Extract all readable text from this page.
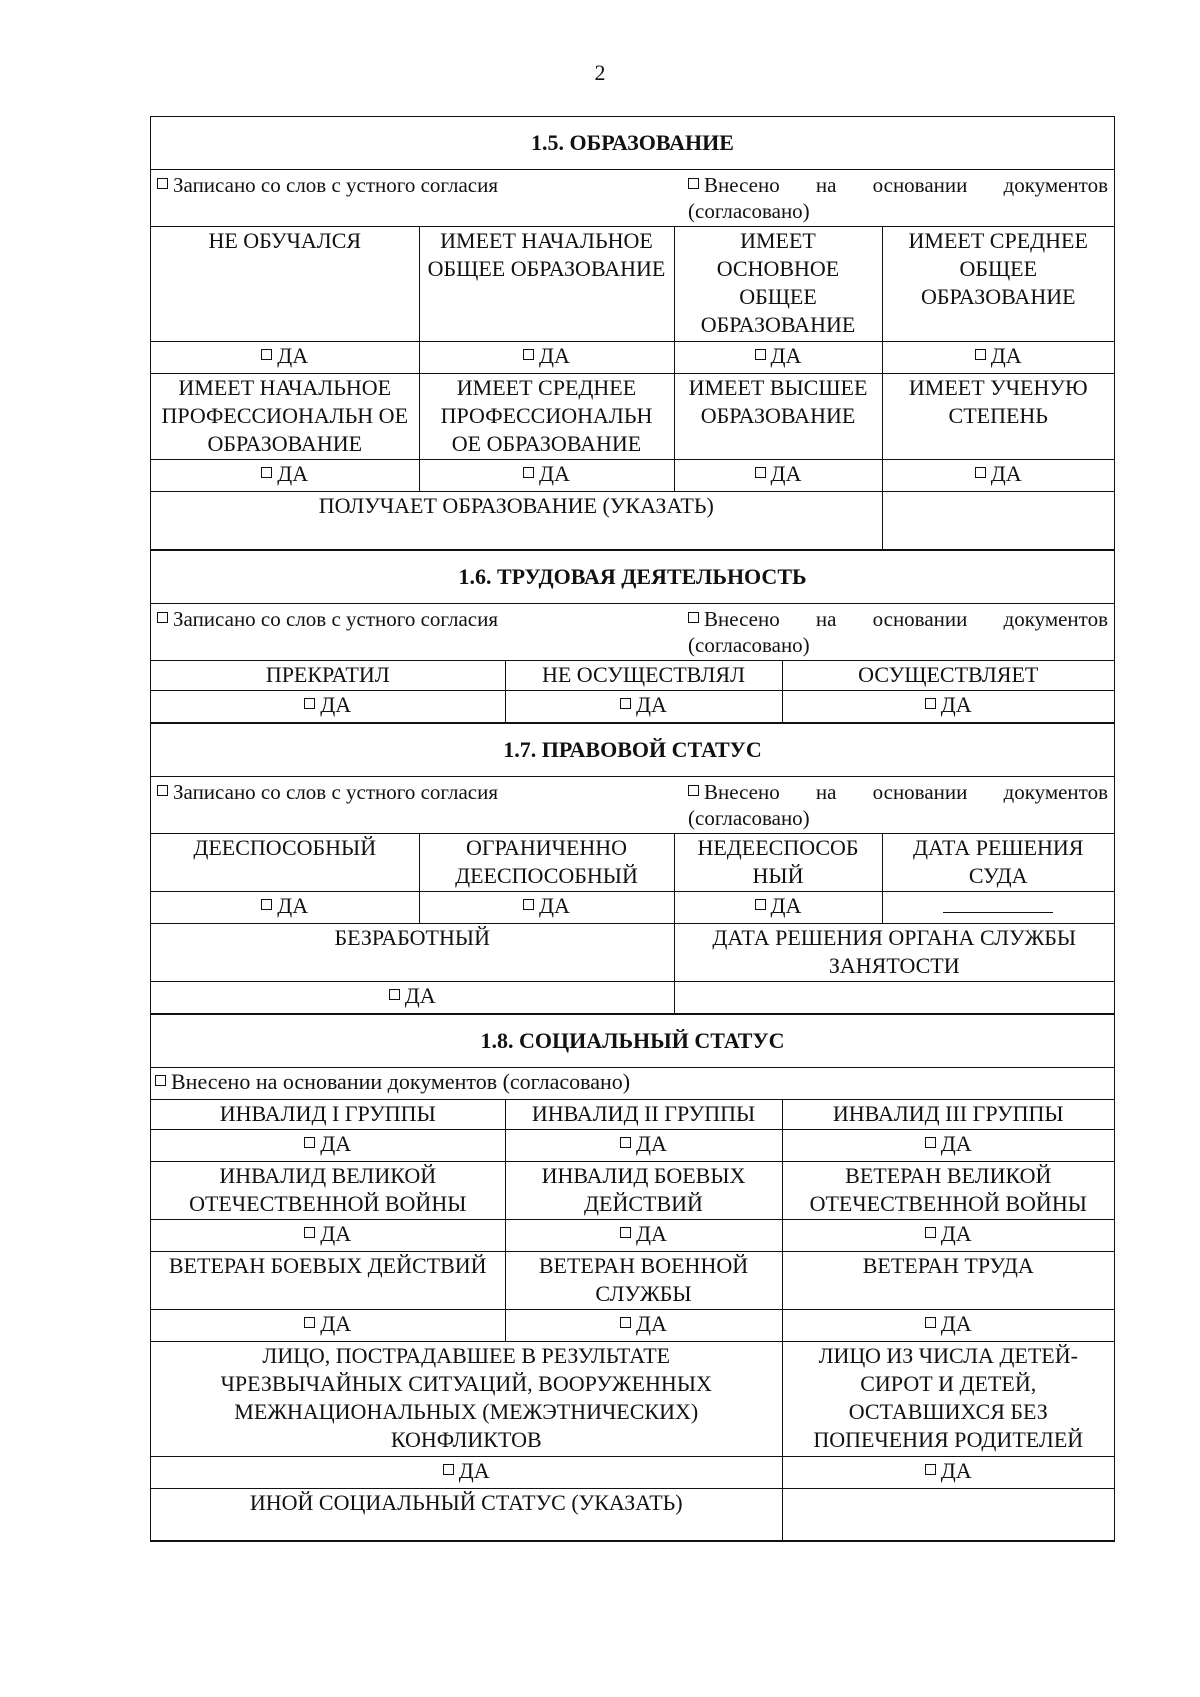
2
1.5. ОБРАЗОВАНИЕ			

Записано со слов с устного согласия Внесено на основании документов (согласовано)			

НЕ ОБУЧАЛСЯ	ИМЕЕТ НАЧАЛЬНОЕ ОБЩЕЕ ОБРАЗОВАНИЕ	ИМЕЕТ ОСНОВНОЕ ОБЩЕЕ ОБРАЗОВАНИЕ	ИМЕЕТ СРЕДНЕЕ ОБЩЕЕ ОБРАЗОВАНИЕ
ДА	ДА	ДА	ДА
ИМЕЕТ НАЧАЛЬНОЕ ПРОФЕССИОНАЛЬН ОЕ ОБРАЗОВАНИЕ	ИМЕЕТ СРЕДНЕЕ ПРОФЕССИОНАЛЬН ОЕ ОБРАЗОВАНИЕ	ИМЕЕТ ВЫСШЕЕ ОБРАЗОВАНИЕ	ИМЕЕТ УЧЕНУЮ СТЕПЕНЬ
ДА	ДА	ДА	ДА
ПОЛУЧАЕТ ОБРАЗОВАНИЕ (УКАЗАТЬ)			
1.6. ТРУДОВАЯ ДЕЯТЕЛЬНОСТЬ		

Записано со слов с устного согласия Внесено на основании документов (согласовано)		

ПРЕКРАТИЛ	НЕ ОСУЩЕСТВЛЯЛ	ОСУЩЕСТВЛЯЕТ
ДА	ДА	ДА
1.7. ПРАВОВОЙ СТАТУС			

Записано со слов с устного согласия Внесено на основании документов (согласовано)			

ДЕЕСПОСОБНЫЙ	ОГРАНИЧЕННО ДЕЕСПОСОБНЫЙ	НЕДЕЕСПОСОБ НЫЙ	ДАТА РЕШЕНИЯ СУДА
ДА	ДА	ДА	
БЕЗРАБОТНЫЙ		ДАТА РЕШЕНИЯ ОРГАНА СЛУЖБЫ ЗАНЯТОСТИ	
ДА			
1.8. СОЦИАЛЬНЫЙ СТАТУС		
Внесено на основании документов (согласовано)		
ИНВАЛИД I ГРУППЫ	ИНВАЛИД II ГРУППЫ	ИНВАЛИД III ГРУППЫ
ДА	ДА	ДА
ИНВАЛИД ВЕЛИКОЙ ОТЕЧЕСТВЕННОЙ ВОЙНЫ	ИНВАЛИД БОЕВЫХ ДЕЙСТВИЙ	ВЕТЕРАН ВЕЛИКОЙ ОТЕЧЕСТВЕННОЙ ВОЙНЫ
ДА	ДА	ДА
ВЕТЕРАН БОЕВЫХ ДЕЙСТВИЙ	ВЕТЕРАН ВОЕННОЙ СЛУЖБЫ	ВЕТЕРАН ТРУДА
ДА	ДА	ДА
ЛИЦО, ПОСТРАДАВШЕЕ В РЕЗУЛЬТАТЕ ЧРЕЗВЫЧАЙНЫХ СИТУАЦИЙ, ВООРУЖЕННЫХ МЕЖНАЦИОНАЛЬНЫХ (МЕЖЭТНИЧЕСКИХ) КОНФЛИКТОВ		ЛИЦО ИЗ ЧИСЛА ДЕТЕЙ-СИРОТ И ДЕТЕЙ, ОСТАВШИХСЯ БЕЗ ПОПЕЧЕНИЯ РОДИТЕЛЕЙ
ДА		ДА
ИНОЙ СОЦИАЛЬНЫЙ СТАТУС (УКАЗАТЬ)		
